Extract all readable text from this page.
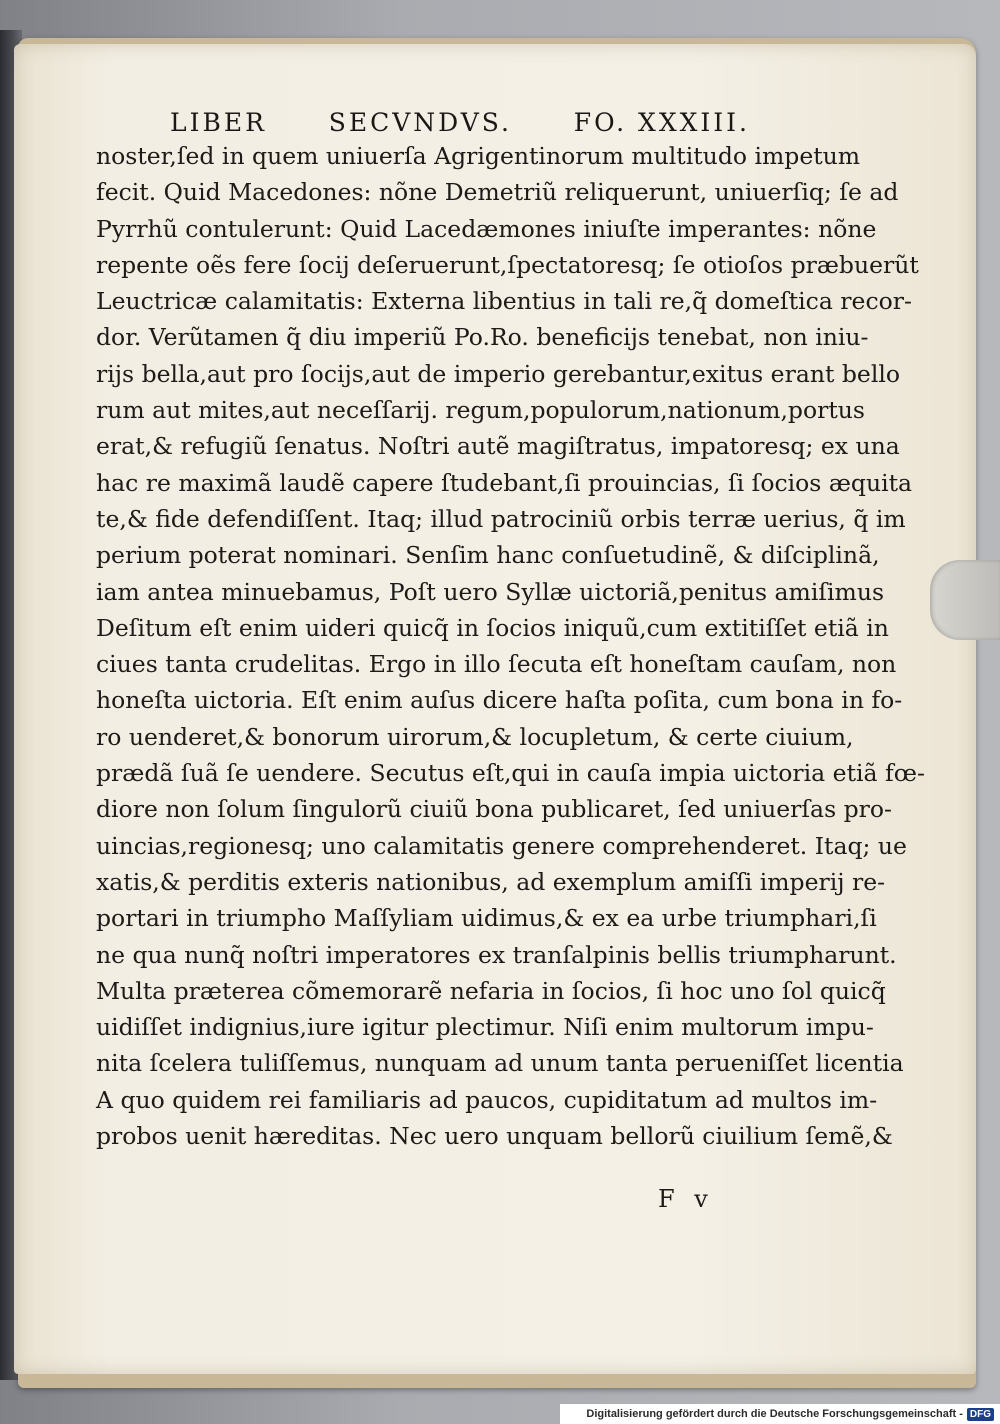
LIBER SECVNDVS. FO. XXXIII.
noster,ſed in quem uniuerſa Agrigentinorum multitudo impetum
fecit. Quid Macedones: nõne Demetriũ reliquerunt, uniuerſiq; ſe ad
Pyrrhũ contulerunt: Quid Lacedæmones iniuſte imperantes: nõne
repente oẽs fere ſocij deſeruerunt,ſpectatoresq; ſe otioſos præbuerũt
Leuctricæ calamitatis: Externa libentius in tali re,q̃ domeſtica recor-
dor. Verũtamen q̃ diu imperiũ Po.Ro. beneficijs tenebat, non iniu-
rijs bella,aut pro ſocijs,aut de imperio gerebantur,exitus erant bello
rum aut mites,aut neceſſarij. regum,populorum,nationum,portus
erat,& refugiũ ſenatus. Noſtri autẽ magiſtratus, impatoresq; ex una
hac re maximã laudẽ capere ſtudebant,ſi prouincias, ſi ſocios æquita
te,& fide defendiſſent. Itaq; illud patrociniũ orbis terræ uerius, q̃ im
perium poterat nominari. Senſim hanc conſuetudinẽ, & diſciplinã,
iam antea minuebamus, Poſt uero Syllæ uictoriã,penitus amiſimus
Deſitum eſt enim uideri quicq̃ in ſocios iniquũ,cum extitiſſet etiã in
ciues tanta crudelitas. Ergo in illo ſecuta eſt honeſtam cauſam, non
honeſta uictoria. Eſt enim auſus dicere haſta poſita, cum bona in fo-
ro uenderet,& bonorum uirorum,& locupletum, & certe ciuium,
prædã ſuã ſe uendere. Secutus eſt,qui in cauſa impia uictoria etiã fœ-
diore non ſolum ſingulorũ ciuiũ bona publicaret, ſed uniuerſas pro-
uincias,regionesq; uno calamitatis genere comprehenderet. Itaq; ue
xatis,& perditis exteris nationibus, ad exemplum amiſſi imperij re-
portari in triumpho Maſſyliam uidimus,& ex ea urbe triumphari,ſi
ne qua nunq̃ noſtri imperatores ex tranſalpinis bellis triumpharunt.
Multa præterea cõmemorarẽ nefaria in ſocios, ſi hoc uno ſol quicq̃
uidiſſet indignius,iure igitur plectimur. Niſi enim multorum impu-
nita ſcelera tuliſſemus, nunquam ad unum tanta perueniſſet licentia
A quo quidem rei familiaris ad paucos, cupiditatum ad multos im-
probos uenit hæreditas. Nec uero unquam bellorũ ciuilium ſemẽ,&
F v
Digitalisierung gefördert durch die Deutsche Forschungsgemeinschaft - DFG
